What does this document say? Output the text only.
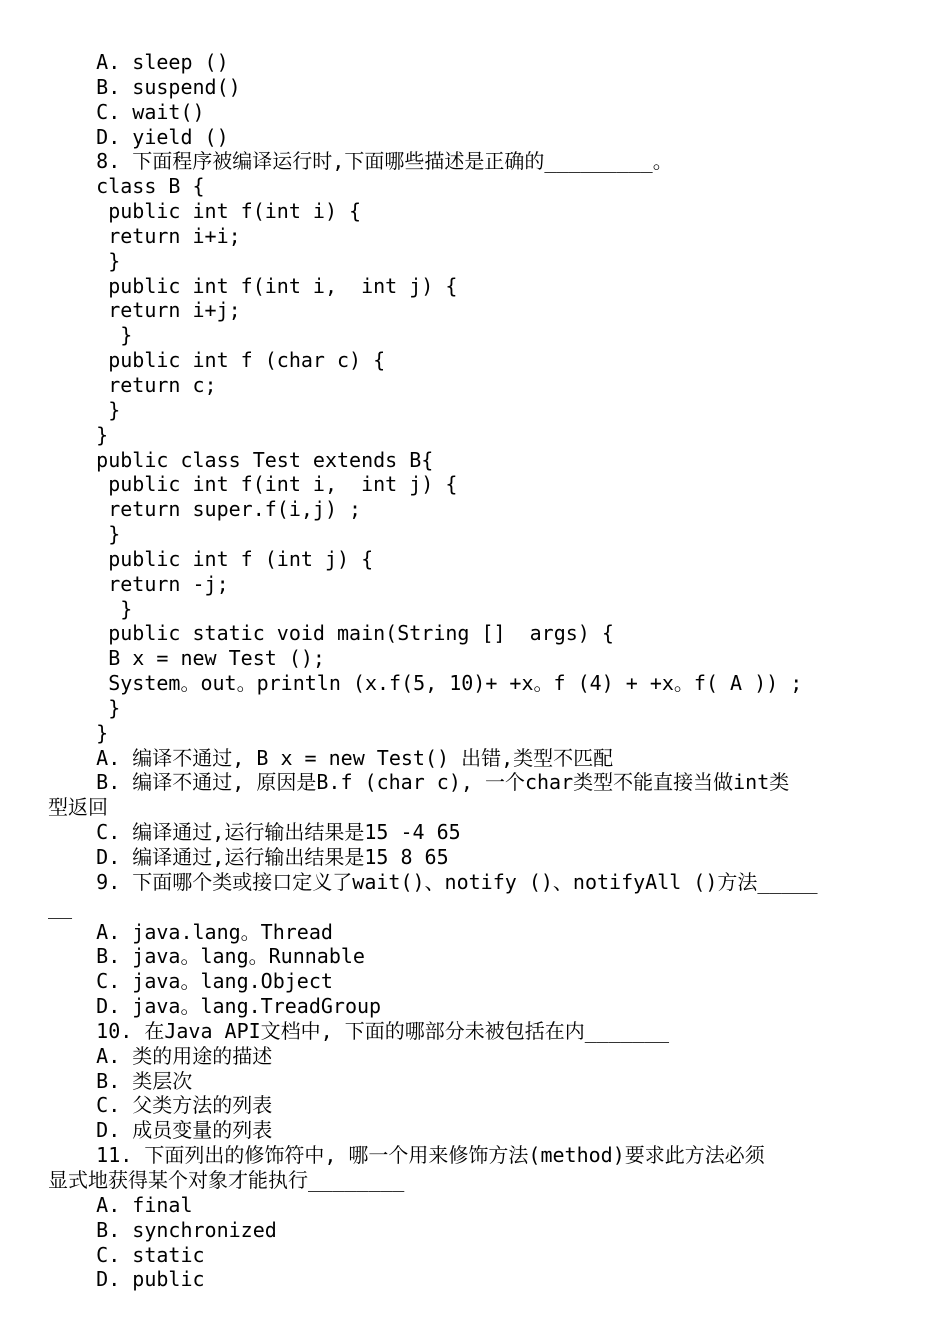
A. sleep ()
B. suspend()
C. wait()
D. yield ()
8. 下面程序被编译运行时,下面哪些描述是正确的_________。
class B {
public int f(int i) {
return i+i;
}
public int f(int i,  int j) {
return i+j;
}
public int f (char c) {
return c;
}
}
public class Test extends B{
public int f(int i,  int j) {
return super.f(i,j) ;
}
public int f (int j) {
return -j;
}
public static void main(String []  args) {
B x = new Test ();
System。out。println (x.f(5, 10)+ +x。f (4) + +x。f( A )) ;
}
}
A. 编译不通过, B x = new Test() 出错,类型不匹配
B. 编译不通过, 原因是B.f (char c), 一个char类型不能直接当做int类
型返回
C. 编译通过,运行输出结果是15 -4 65
D. 编译通过,运行输出结果是15 8 65
9. 下面哪个类或接口定义了wait()、notify ()、notifyAll ()方法_____
__
A. java.lang。Thread
B. java。lang。Runnable
C. java。lang.Object
D. java。lang.TreadGroup
10. 在Java API文档中, 下面的哪部分未被包括在内_______
A. 类的用途的描述
B. 类层次
C. 父类方法的列表
D. 成员变量的列表
11. 下面列出的修饰符中, 哪一个用来修饰方法(method)要求此方法必须
显式地获得某个对象才能执行________
A. final
B. synchronized
C. static
D. public
